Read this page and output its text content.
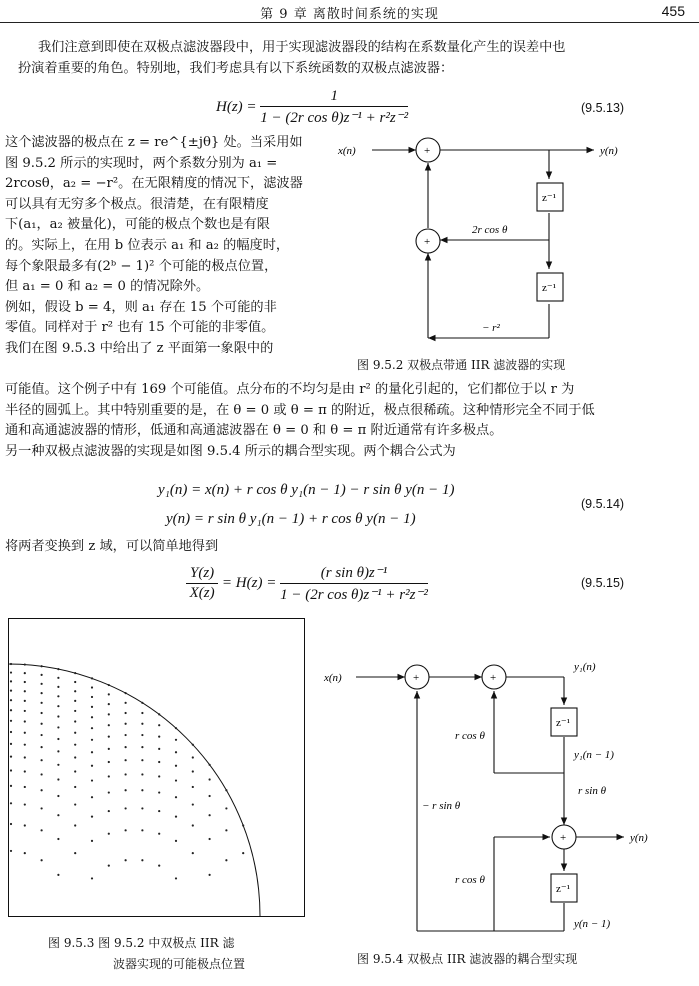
第 9 章 离散时间系统的实现	455
我们注意到即使在双极点滤波器段中，用于实现滤波器段的结构在系数量化产生的误差中也
扮演着重要的角色。特别地，我们考虑具有以下系统函数的双极点滤波器：
$H(z) = \frac{1}{\text{1 − (2r cos θ)z⁻¹ + r²z⁻²}}$	(9.5.13)
这个滤波器的极点在 z = re^{±jθ} 处。当采用如
图 9.5.2 所示的实现时，两个系数分别为 a₁ =
2rcosθ，a₂ = −r²。在无限精度的情况下，滤波器
可以具有无穷多个极点。很清楚，在有限精度
下(a₁，a₂ 被量化)，可能的极点个数也是有限
的。实际上，在用 b 位表示 a₁ 和 a₂ 的幅度时，
每个象限最多有(2ᵇ − 1)² 个可能的极点位置，
但 a₁ = 0 和 a₂ = 0 的情况除外。
例如，假设 b = 4，则 a₁ 存在 15 个可能的非
零值。同样对于 r² 也有 15 个可能的非零值。
我们在图 9.5.3 中给出了 z 平面第一象限中的
+
+
z⁻¹
z⁻¹
x(n)	y(n)
2r cos θ
− r²
图 9.5.2 双极点带通 IIR 滤波器的实现
可能值。这个例子中有 169 个可能值。点分布的不均匀是由 r² 的量化引起的，它们都位于以 r 为
半径的圆弧上。其中特别重要的是，在 θ = 0 或 θ = π 的附近，极点很稀疏。这种情形完全不同于低
通和高通滤波器的情形，低通和高通滤波器在 θ = 0 和 θ = π 附近通常有许多极点。
另一种双极点滤波器的实现是如图 9.5.4 所示的耦合型实现。两个耦合公式为
y₁(n) = x(n) + r cos θ y₁(n − 1) − r sin θ y(n − 1)
y(n) = r sin θ y₁(n − 1) + r cos θ y(n − 1)
(9.5.14)
将两者变换到 z 域，可以简单地得到
$\frac{Y(z)}{X(z)} = H(z) = \frac{\text{(r sin θ)z⁻¹}}{\text{1 − (2r cos θ)z⁻¹ + r²z⁻²}}$	(9.5.15)
图 9.5.3 图 9.5.2 中双极点 IIR 滤
波器实现的可能极点位置
+	+
+
z⁻¹
z⁻¹
x(n)
y₁(n)
y₁(n − 1)
y(n)
y(n − 1)
r cos θ
r sin θ
− r sin θ
r cos θ
图 9.5.4 双极点 IIR 滤波器的耦合型实现
